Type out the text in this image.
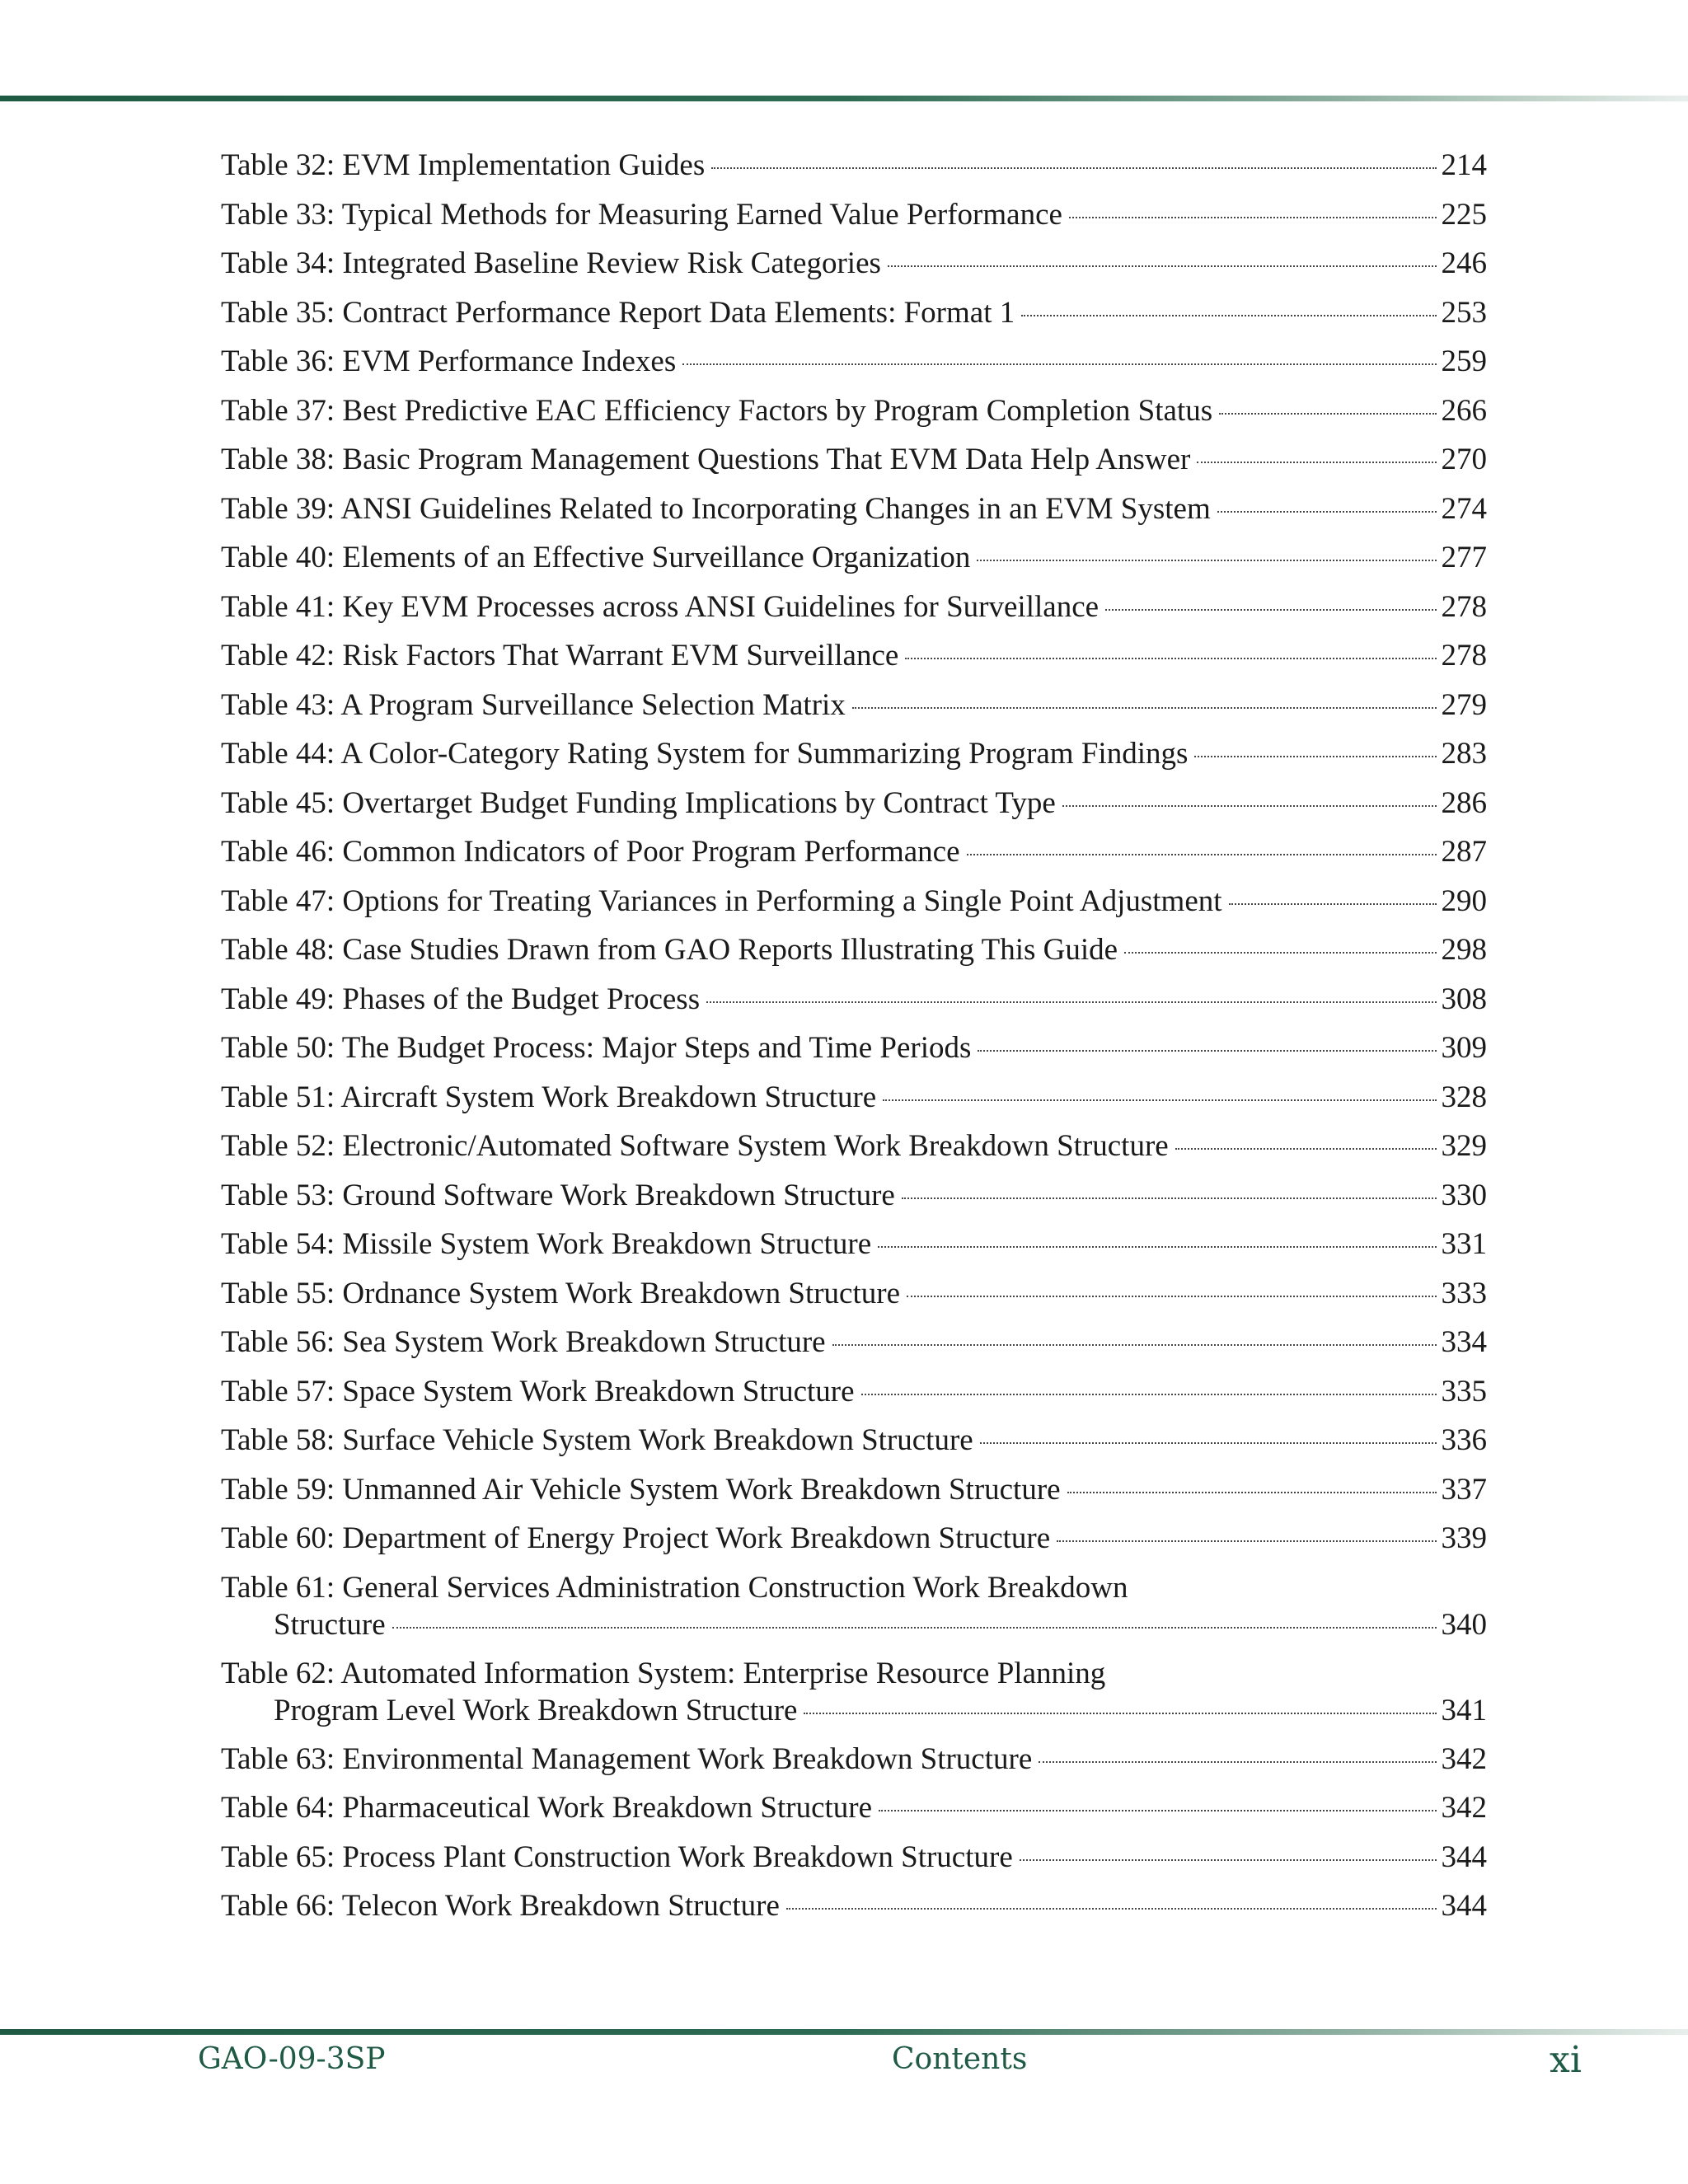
Table 32: EVM Implementation Guides	214
Table 33: Typical Methods for Measuring Earned Value Performance	225
Table 34: Integrated Baseline Review Risk Categories	246
Table 35: Contract Performance Report Data Elements: Format 1	253
Table 36: EVM Performance Indexes	259
Table 37: Best Predictive EAC Efficiency Factors by Program Completion Status	266
Table 38: Basic Program Management Questions That EVM Data Help Answer	270
Table 39: ANSI Guidelines Related to Incorporating Changes in an EVM System	274
Table 40: Elements of an Effective Surveillance Organization	277
Table 41: Key EVM Processes across ANSI Guidelines for Surveillance	278
Table 42: Risk Factors That Warrant EVM Surveillance	278
Table 43: A Program Surveillance Selection Matrix	279
Table 44: A Color-Category Rating System for Summarizing Program Findings	283
Table 45: Overtarget Budget Funding Implications by Contract Type	286
Table 46: Common Indicators of Poor Program Performance	287
Table 47: Options for Treating Variances in Performing a Single Point Adjustment	290
Table 48: Case Studies Drawn from GAO Reports Illustrating This Guide	298
Table 49: Phases of the Budget Process	308
Table 50: The Budget Process: Major Steps and Time Periods	309
Table 51: Aircraft System Work Breakdown Structure	328
Table 52: Electronic/Automated Software System Work Breakdown Structure	329
Table 53: Ground Software Work Breakdown Structure	330
Table 54: Missile System Work Breakdown Structure	331
Table 55: Ordnance System Work Breakdown Structure	333
Table 56: Sea System Work Breakdown Structure	334
Table 57: Space System Work Breakdown Structure	335
Table 58: Surface Vehicle System Work Breakdown Structure	336
Table 59: Unmanned Air Vehicle System Work Breakdown Structure	337
Table 60: Department of Energy Project Work Breakdown Structure	339
Table 61: General Services Administration Construction Work Breakdown
Structure	340
Table 62: Automated Information System: Enterprise Resource Planning
Program Level Work Breakdown Structure	341
Table 63: Environmental Management Work Breakdown Structure	342
Table 64: Pharmaceutical Work Breakdown Structure	342
Table 65: Process Plant Construction Work Breakdown Structure	344
Table 66: Telecon Work Breakdown Structure	344
GAO-09-3SP	Contents	xi
